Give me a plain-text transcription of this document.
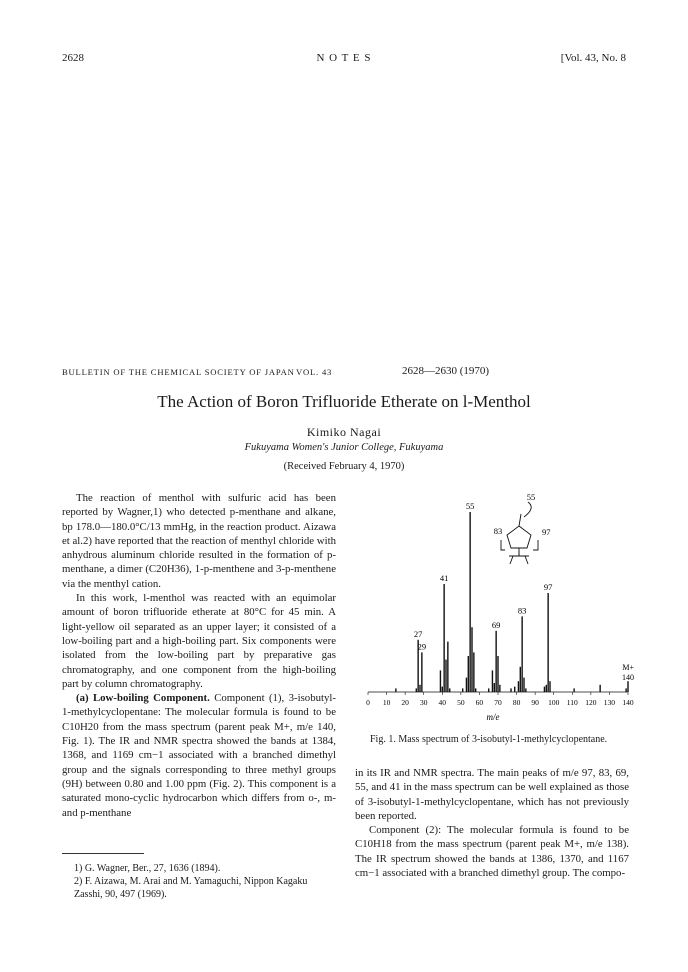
2628	N O T E S	[Vol. 43, No. 8
BULLETIN OF THE CHEMICAL SOCIETY OF JAPAN VOL. 43	2628—2630 (1970)
The Action of Boron Trifluoride Etherate on l-Menthol
Kimiko Nagai
Fukuyama Women's Junior College, Fukuyama
(Received February 4, 1970)

The reaction of menthol with sulfuric acid has been reported by Wagner,1) who detected p-menthane and alkane, bp 178.0—180.0°C/13 mmHg, in the reaction product. Aizawa et al.2) have reported that the reaction of menthyl chloride with anhydrous aluminum chloride resulted in the formation of p-menthane, a dimer (C20H36), 1-p-menthene and 3-p-menthene via the menthyl cation.

In this work, l-menthol was reacted with an equimolar amount of boron trifluoride etherate at 80°C for 45 min. A light-yellow oil separated as an upper layer; it consisted of a low-boiling part and a high-boiling part. Six components were isolated from the low-boiling part by preparative gas chromatography, and one component from the high-boiling part by column chromatography.

(a) Low-boiling Component. Component (1), 3-isobutyl-1-methylcyclopentane: The molecular formula is found to be C10H20 from the mass spectrum (parent peak M+, m/e 140, Fig. 1). The IR and NMR spectra showed the bands at 1384, 1368, and 1169 cm−1 associated with a branched dimethyl group and the signals corresponding to three methyl groups (9H) between 0.80 and 1.00 ppm (Fig. 2). This component is a saturated mono-cyclic hydrocarbon which differs from o-, m- and p-menthane

1) G. Wagner, Ber., 27, 1636 (1894).
2) F. Aizawa, M. Arai and M. Yamaguchi, Nippon Kagaku Zasshi, 90, 497 (1969).
27
29
41
55
69
83
97
0 10 20 30 40 50 60 70 80 90 100 110 120 130 140
m/e
M+
140
55
83	97
Fig. 1. Mass spectrum of 3-isobutyl-1-methylcyclopentane.

in its IR and NMR spectra. The main peaks of m/e 97, 83, 69, 55, and 41 in the mass spectrum can be well explained as those of 3-isobutyl-1-methylcyclopentane, which has not previously been reported.

Component (2): The molecular formula is found to be C10H18 from the mass spectrum (parent peak M+, m/e 138). The IR spectrum showed the bands at 1386, 1370, and 1167 cm−1 associated with a branched dimethyl group. The compo-
